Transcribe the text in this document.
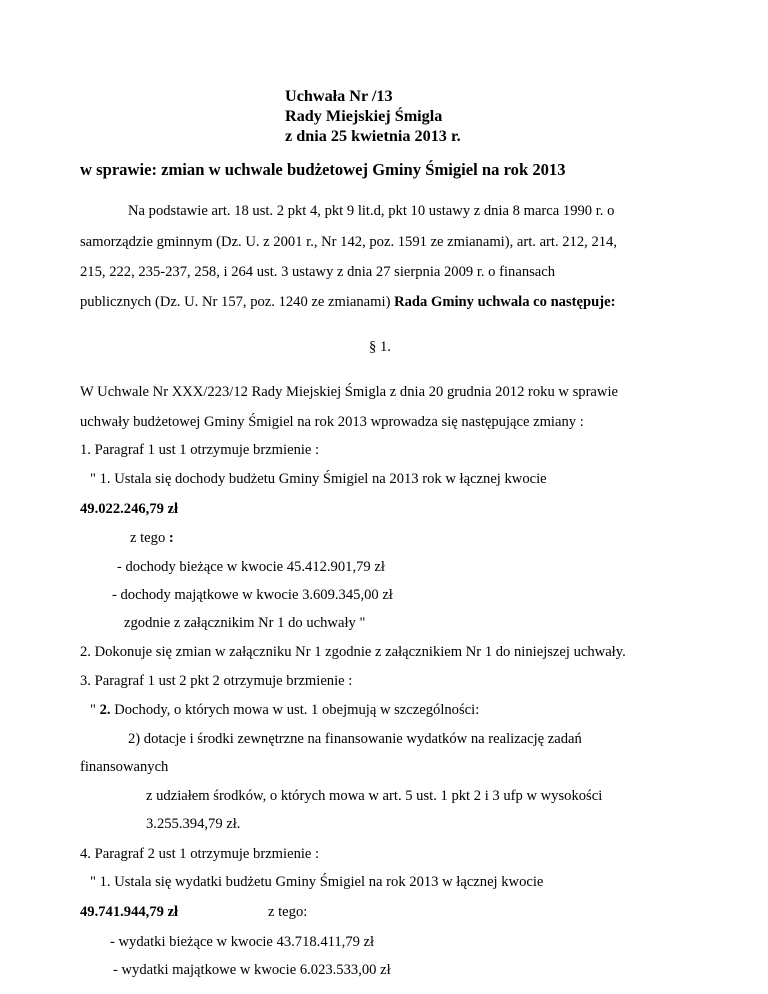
Uchwała Nr /13
Rady Miejskiej Śmigla
z dnia 25 kwietnia 2013 r.
w sprawie: zmian w uchwale budżetowej Gminy Śmigiel na rok 2013
Na podstawie art. 18 ust. 2 pkt 4, pkt 9 lit.d, pkt 10 ustawy z dnia 8 marca 1990 r. o
samorządzie gminnym (Dz. U. z 2001 r., Nr 142, poz. 1591 ze zmianami), art. art. 212, 214,
215, 222, 235-237, 258, i 264 ust. 3 ustawy z dnia 27 sierpnia 2009 r. o finansach
publicznych (Dz. U. Nr 157, poz. 1240 ze zmianami) Rada Gminy uchwala co następuje:
§ 1.
W Uchwale Nr XXX/223/12 Rady Miejskiej Śmigla z dnia 20 grudnia 2012 roku w sprawie
uchwały budżetowej Gminy Śmigiel na rok 2013 wprowadza się następujące zmiany :
1. Paragraf 1 ust 1 otrzymuje brzmienie :
" 1. Ustala się dochody budżetu Gminy Śmigiel na 2013 rok w łącznej kwocie
49.022.246,79 zł
z tego :
- dochody bieżące w kwocie 45.412.901,79 zł
- dochody majątkowe w kwocie 3.609.345,00 zł
zgodnie z załącznikim Nr 1 do uchwały "
2. Dokonuje się zmian w załączniku Nr 1 zgodnie z załącznikiem Nr 1 do niniejszej uchwały.
3. Paragraf 1 ust 2 pkt 2 otrzymuje brzmienie :
" 2. Dochody, o których mowa w ust. 1 obejmują w szczególności:
2) dotacje i środki zewnętrzne na finansowanie wydatków na realizację zadań
finansowanych
z udziałem środków, o których mowa w art. 5 ust. 1 pkt 2 i 3 ufp w wysokości
3.255.394,79 zł.
4. Paragraf 2 ust 1 otrzymuje brzmienie :
" 1. Ustala się wydatki budżetu Gminy Śmigiel na rok 2013 w łącznej kwocie
49.741.944,79 zł	z tego:
- wydatki bieżące w kwocie 43.718.411,79 zł
- wydatki majątkowe w kwocie 6.023.533,00 zł
